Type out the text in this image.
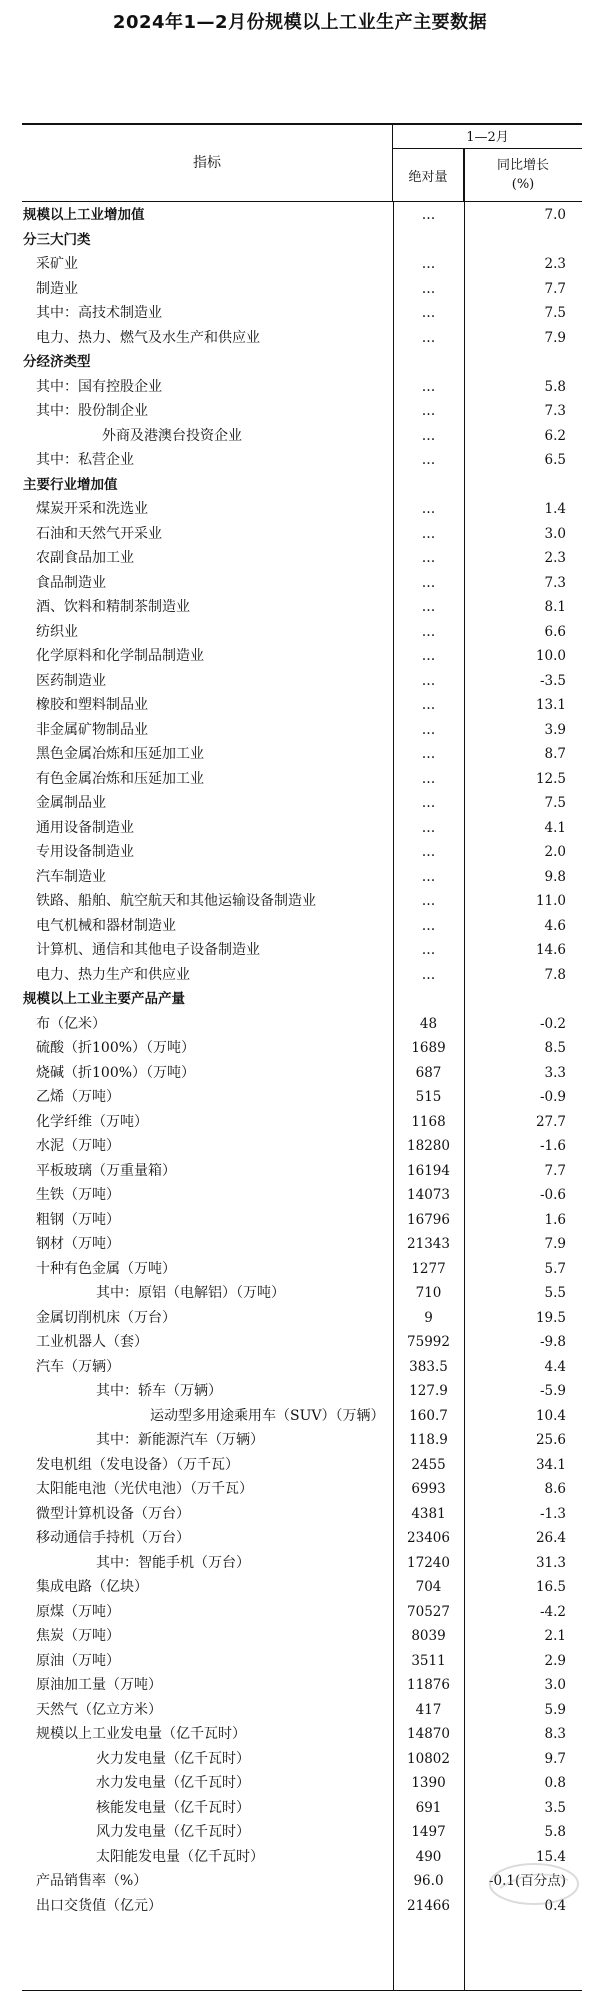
2024年1—2月份规模以上工业生产主要数据
指标
1—2月
绝对量
同比增长
(%)
规模以上工业增加值	…	7.0
分三大门类
采矿业	…	2.3
制造业	…	7.7
其中：高技术制造业	…	7.5
电力、热力、燃气及水生产和供应业	…	7.9
分经济类型
其中：国有控股企业	…	5.8
其中：股份制企业	…	7.3
外商及港澳台投资企业	…	6.2
其中：私营企业	…	6.5
主要行业增加值
煤炭开采和洗选业	…	1.4
石油和天然气开采业	…	3.0
农副食品加工业	…	2.3
食品制造业	…	7.3
酒、饮料和精制茶制造业	…	8.1
纺织业	…	6.6
化学原料和化学制品制造业	…	10.0
医药制造业	…	-3.5
橡胶和塑料制品业	…	13.1
非金属矿物制品业	…	3.9
黑色金属冶炼和压延加工业	…	8.7
有色金属冶炼和压延加工业	…	12.5
金属制品业	…	7.5
通用设备制造业	…	4.1
专用设备制造业	…	2.0
汽车制造业	…	9.8
铁路、船舶、航空航天和其他运输设备制造业	…	11.0
电气机械和器材制造业	…	4.6
计算机、通信和其他电子设备制造业	…	14.6
电力、热力生产和供应业	…	7.8
规模以上工业主要产品产量
布（亿米）	48	-0.2
硫酸（折100%）（万吨）	1689	8.5
烧碱（折100%）（万吨）	687	3.3
乙烯（万吨）	515	-0.9
化学纤维（万吨）	1168	27.7
水泥（万吨）	18280	-1.6
平板玻璃（万重量箱）	16194	7.7
生铁（万吨）	14073	-0.6
粗钢（万吨）	16796	1.6
钢材（万吨）	21343	7.9
十种有色金属（万吨）	1277	5.7
其中：原铝（电解铝）（万吨）	710	5.5
金属切削机床（万台）	9	19.5
工业机器人（套）	75992	-9.8
汽车（万辆）	383.5	4.4
其中：轿车（万辆）	127.9	-5.9
运动型多用途乘用车（SUV）（万辆）	160.7	10.4
其中：新能源汽车（万辆）	118.9	25.6
发电机组（发电设备）（万千瓦）	2455	34.1
太阳能电池（光伏电池）（万千瓦）	6993	8.6
微型计算机设备（万台）	4381	-1.3
移动通信手持机（万台）	23406	26.4
其中：智能手机（万台）	17240	31.3
集成电路（亿块）	704	16.5
原煤（万吨）	70527	-4.2
焦炭（万吨）	8039	2.1
原油（万吨）	3511	2.9
原油加工量（万吨）	11876	3.0
天然气（亿立方米）	417	5.9
规模以上工业发电量（亿千瓦时）	14870	8.3
火力发电量（亿千瓦时）	10802	9.7
水力发电量（亿千瓦时）	1390	0.8
核能发电量（亿千瓦时）	691	3.5
风力发电量（亿千瓦时）	1497	5.8
太阳能发电量（亿千瓦时）	490	15.4
产品销售率（%）	96.0	-0.1(百分点)
出口交货值（亿元）	21466	0.4
